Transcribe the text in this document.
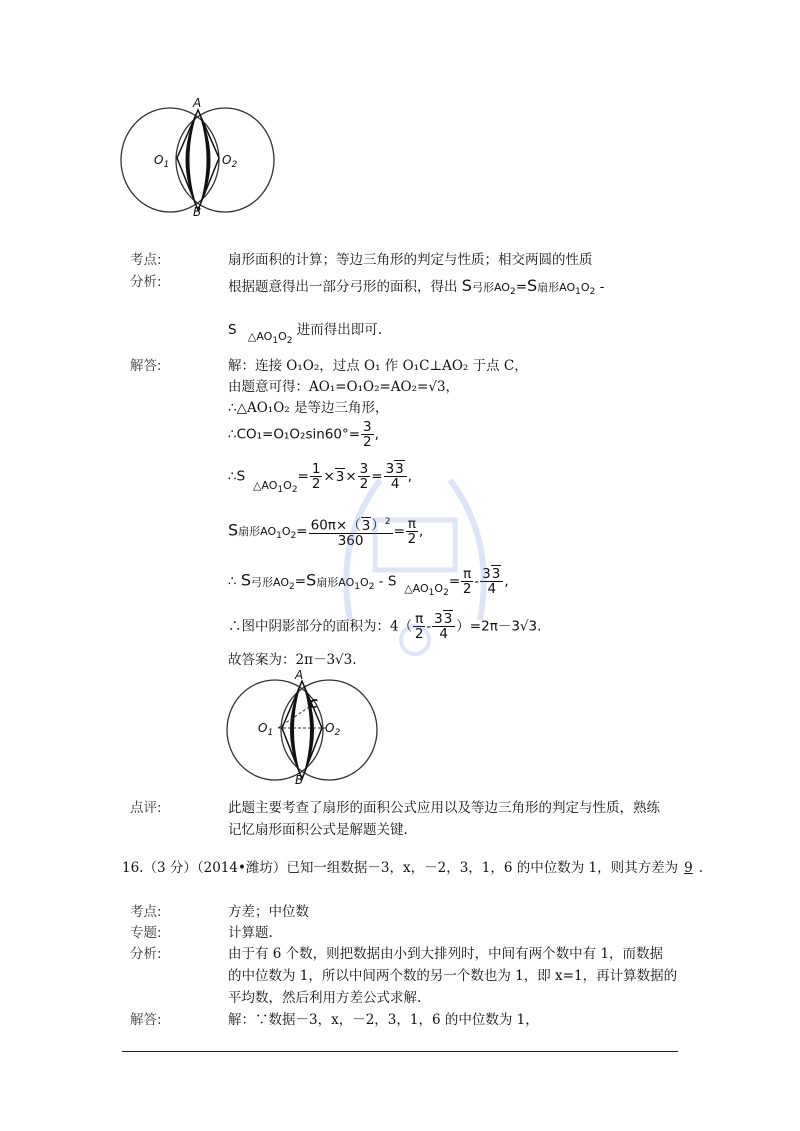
A
B
$O_1$	$O_2$
考点:	扇形面积的计算；等边三角形的判定与性质；相交两圆的性质
分析:	根据题意得出一部分弓形的面积，得出 S弓形$AO_2=S$扇形$AO_1O_2$ -
S   $_{\triangle AO_1O_2}$ 进而得出即可.
解答:	解：连接 O₁O₂，过点 O₁ 作 O₁C⊥AO₂ 于点 C，
由题意可得：AO₁=O₁O₂=AO₂=√3，
∴△AO₁O₂ 是等边三角形，
∴CO₁=O₁O₂sin60°= $\frac{3}{2}$ ,
∴S  $_{\triangle AO_1O_2}= \frac{1}{2} \times 3\times \frac{3}{2} = \frac{33}{4}$ ,
S扇形$AO_1O_2= \frac{60\pi\times(3)^2}{360} = \frac{\pi}{2}$ ,
∴ S弓形$AO_2=S$扇形$AO_1O_2$ - S  $_{\triangle AO_1O_2}= \frac{\pi}{2} - \frac{33}{4}$ ,
∴图中阴影部分的面积为：$4( \frac{\pi}{2} - \frac{33}{4} )=2\pi-3√3$.
故答案为：2π－3√3.
A
B
C
$O_1$	$O_2$
点评:	此题主要考查了扇形的面积公式应用以及等边三角形的判定与性质，熟练
记忆扇形面积公式是解题关键.
16.（3 分）（2014•潍坊）已知一组数据－3，x，－2，3，1，6 的中位数为 1，则其方差为 9 .
考点:	方差；中位数
专题:	计算题.
分析:	由于有 6 个数，则把数据由小到大排列时，中间有两个数中有 1，而数据
的中位数为 1，所以中间两个数的另一个数也为 1，即 x=1，再计算数据的
平均数，然后利用方差公式求解.
解答:	解：∵数据－3，x，－2，3，1，6 的中位数为 1，
